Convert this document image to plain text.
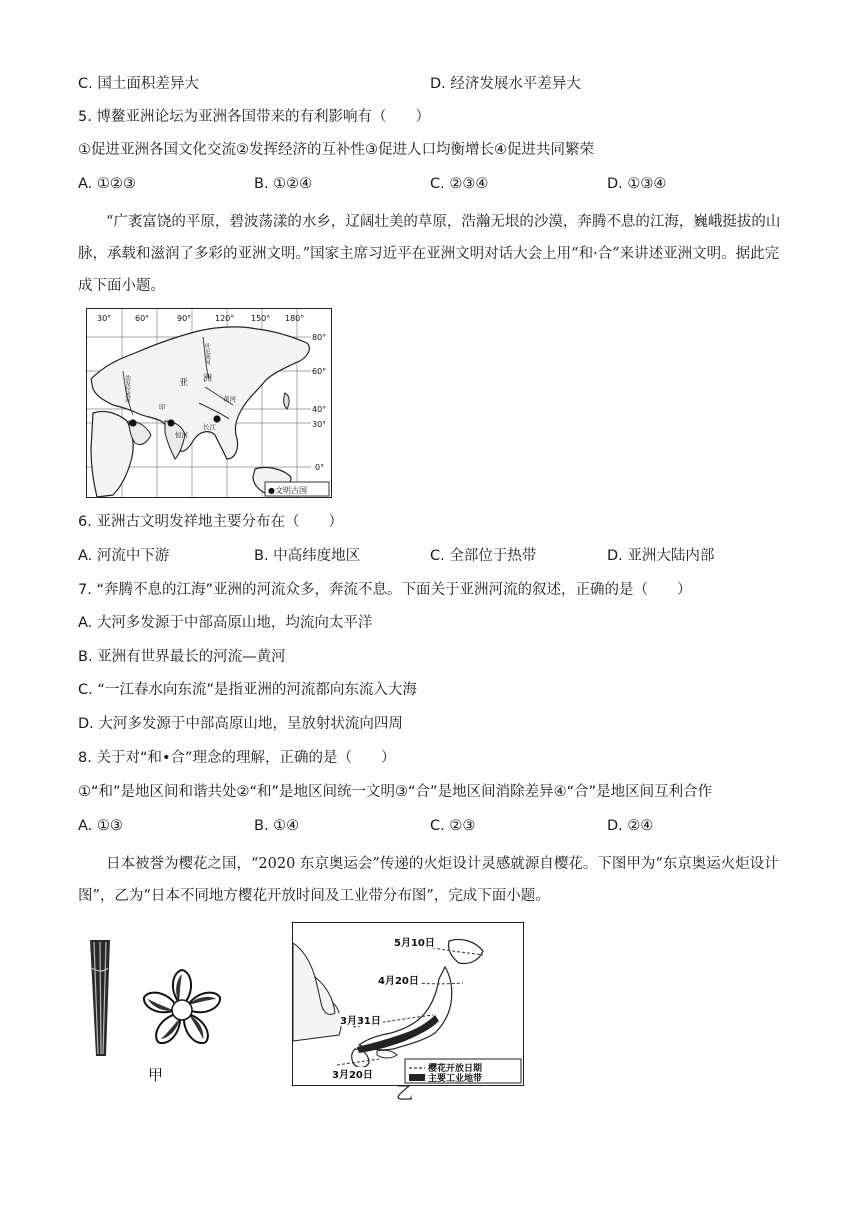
C. 国土面积差异大	D. 经济发展水平差异大
5. 博鳌亚洲论坛为亚洲各国带来的有利影响有（　　）
①促进亚洲各国文化交流②发挥经济的互补性③促进人口均衡增长④促进共同繁荣
A. ①②③	B. ①②④	C. ②③④	D. ①③④
“广袤富饶的平原，碧波荡漾的水乡，辽阔壮美的草原，浩瀚无垠的沙漠，奔腾不息的江海，巍峨挺拔的山脉，承载和滋润了多彩的亚洲文明。”国家主席习近平在亚洲文明对话大会上用“和·合”来讲述亚洲文明。据此完成下面小题。
亚 洲
黄河
长江
印
恒河
幼发拉底河
叶尼塞河
30°	60°	90°	120° 150° 180°
80°
60°
40°
30°
0°
●文明古国
6. 亚洲古文明发祥地主要分布在（　　）
A. 河流中下游	B. 中高纬度地区	C. 全部位于热带	D. 亚洲大陆内部
7. “奔腾不息的江海”亚洲的河流众多，奔流不息。下面关于亚洲河流的叙述，正确的是（　　）
A. 大河多发源于中部高原山地，均流向太平洋
B. 亚洲有世界最长的河流—黄河
C. “一江春水向东流”是指亚洲的河流都向东流入大海
D. 大河多发源于中部高原山地，呈放射状流向四周
8. 关于对“和•合”理念的理解，正确的是（　　）
①“和”是地区间和谐共处②“和”是地区间统一文明③“合”是地区间消除差异④“合”是地区间互利合作
A. ①③	B. ①④	C. ②③	D. ②④
日本被誉为樱花之国，“2020 东京奥运会”传递的火炬设计灵感就源自樱花。下图甲为“东京奥运火炬设计图”，乙为“日本不同地方樱花开放时间及工业带分布图”，完成下面小题。
甲
5月10日
4月20日
3月31日
3月20日
樱花开放日期
主要工业地带
乙
